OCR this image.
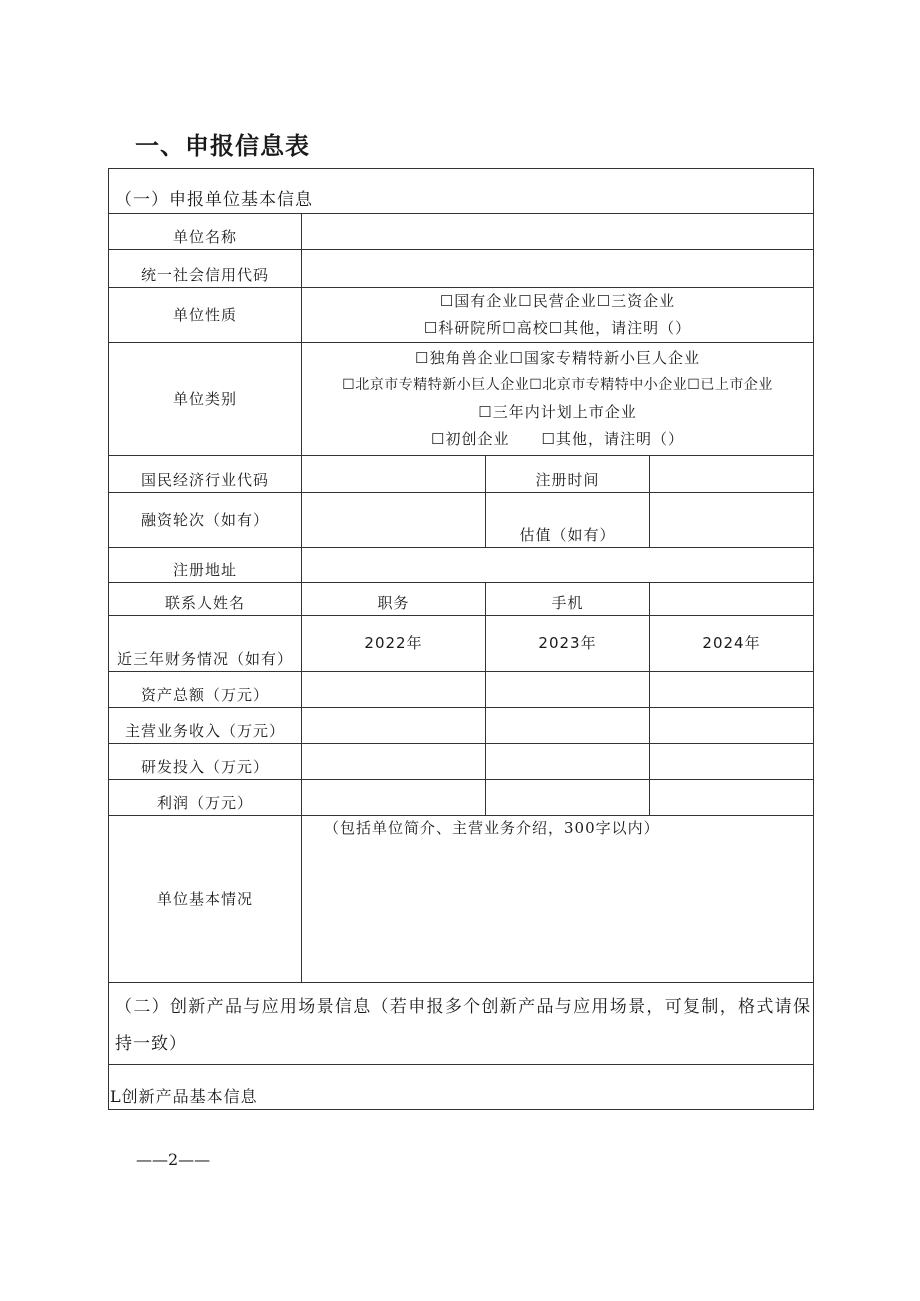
一、申报信息表
（一）申报单位基本信息			
单位名称			
统一社会信用代码			
单位性质	☐国有企业☐民营企业☐三资企业
☐科研院所☐高校☐其他，请注明（）		

单位类别	☐独角兽企业☐国家专精特新小巨人企业
☐北京市专精特新小巨人企业☐北京市专精特中小企业☐已上市企业
☐三年内计划上市企业
☐初创企业　　☐其他，请注明（）		

国民经济行业代码		注册时间	
融资轮次（如有）		估值（如有）	
注册地址			
联系人姓名	职务	手机	
近三年财务情况（如有）	2022年	2023年	2024年
资产总额（万元）			
主营业务收入（万元）			
研发投入（万元）			
利润（万元）			
单位基本情况	（包括单位简介、主营业务介绍，300字以内）		
（二）创新产品与应用场景信息（若申报多个创新产品与应用场景，可复制，格式请保持一致）			
L创新产品基本信息			
——2——
